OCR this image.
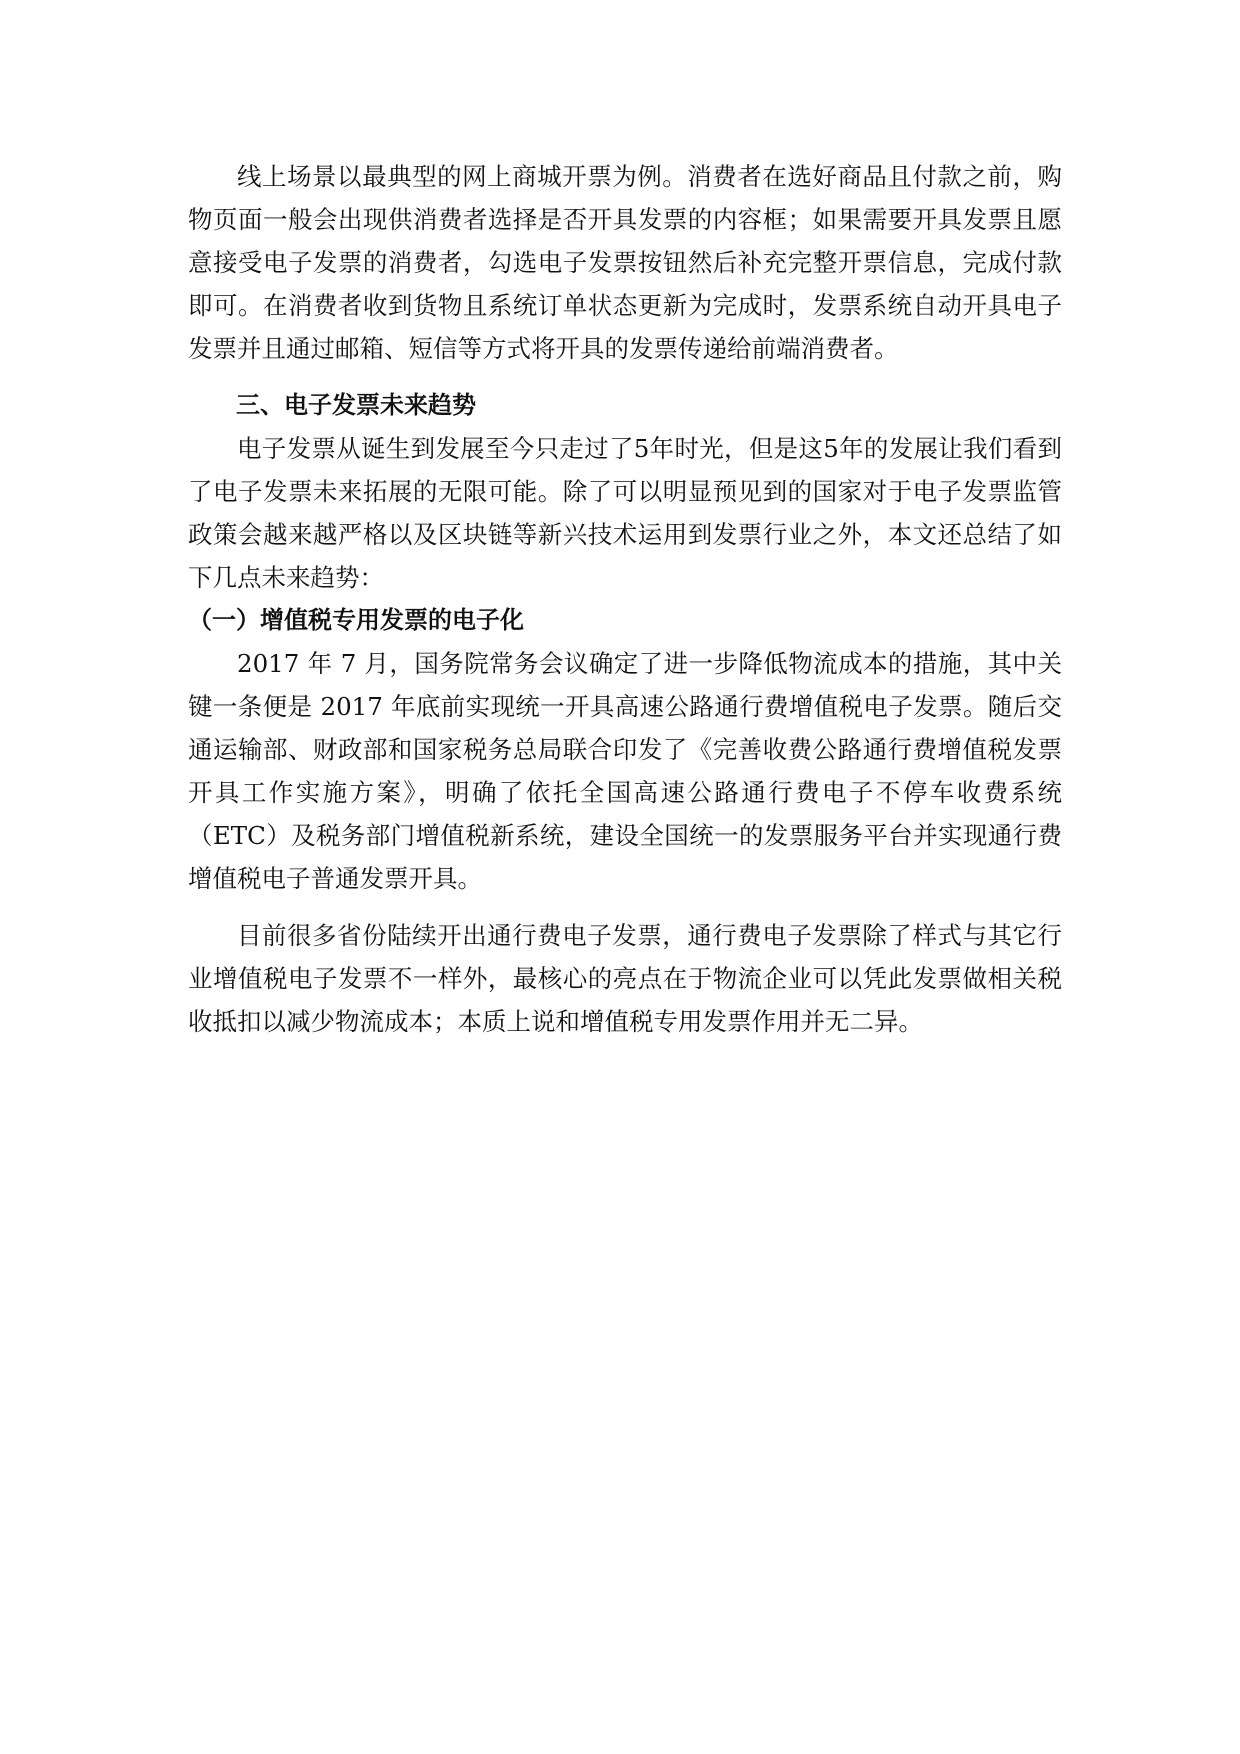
线上场景以最典型的网上商城开票为例。消费者在选好商品且付款之前，购物页面一般会出现供消费者选择是否开具发票的内容框；如果需要开具发票且愿意接受电子发票的消费者，勾选电子发票按钮然后补充完整开票信息，完成付款即可。在消费者收到货物且系统订单状态更新为完成时，发票系统自动开具电子发票并且通过邮箱、短信等方式将开具的发票传递给前端消费者。

三、电子发票未来趋势

电子发票从诞生到发展至今只走过了5年时光，但是这5年的发展让我们看到了电子发票未来拓展的无限可能。除了可以明显预见到的国家对于电子发票监管政策会越来越严格以及区块链等新兴技术运用到发票行业之外，本文还总结了如下几点未来趋势：

（一）增值税专用发票的电子化

2017 年 7 月，国务院常务会议确定了进一步降低物流成本的措施，其中关键一条便是 2017 年底前实现统一开具高速公路通行费增值税电子发票。随后交通运输部、财政部和国家税务总局联合印发了《完善收费公路通行费增值税发票开具工作实施方案》，明确了依托全国高速公路通行费电子不停车收费系统（ETC）及税务部门增值税新系统，建设全国统一的发票服务平台并实现通行费增值税电子普通发票开具。

目前很多省份陆续开出通行费电子发票，通行费电子发票除了样式与其它行业增值税电子发票不一样外，最核心的亮点在于物流企业可以凭此发票做相关税收抵扣以减少物流成本；本质上说和增值税专用发票作用并无二异。
